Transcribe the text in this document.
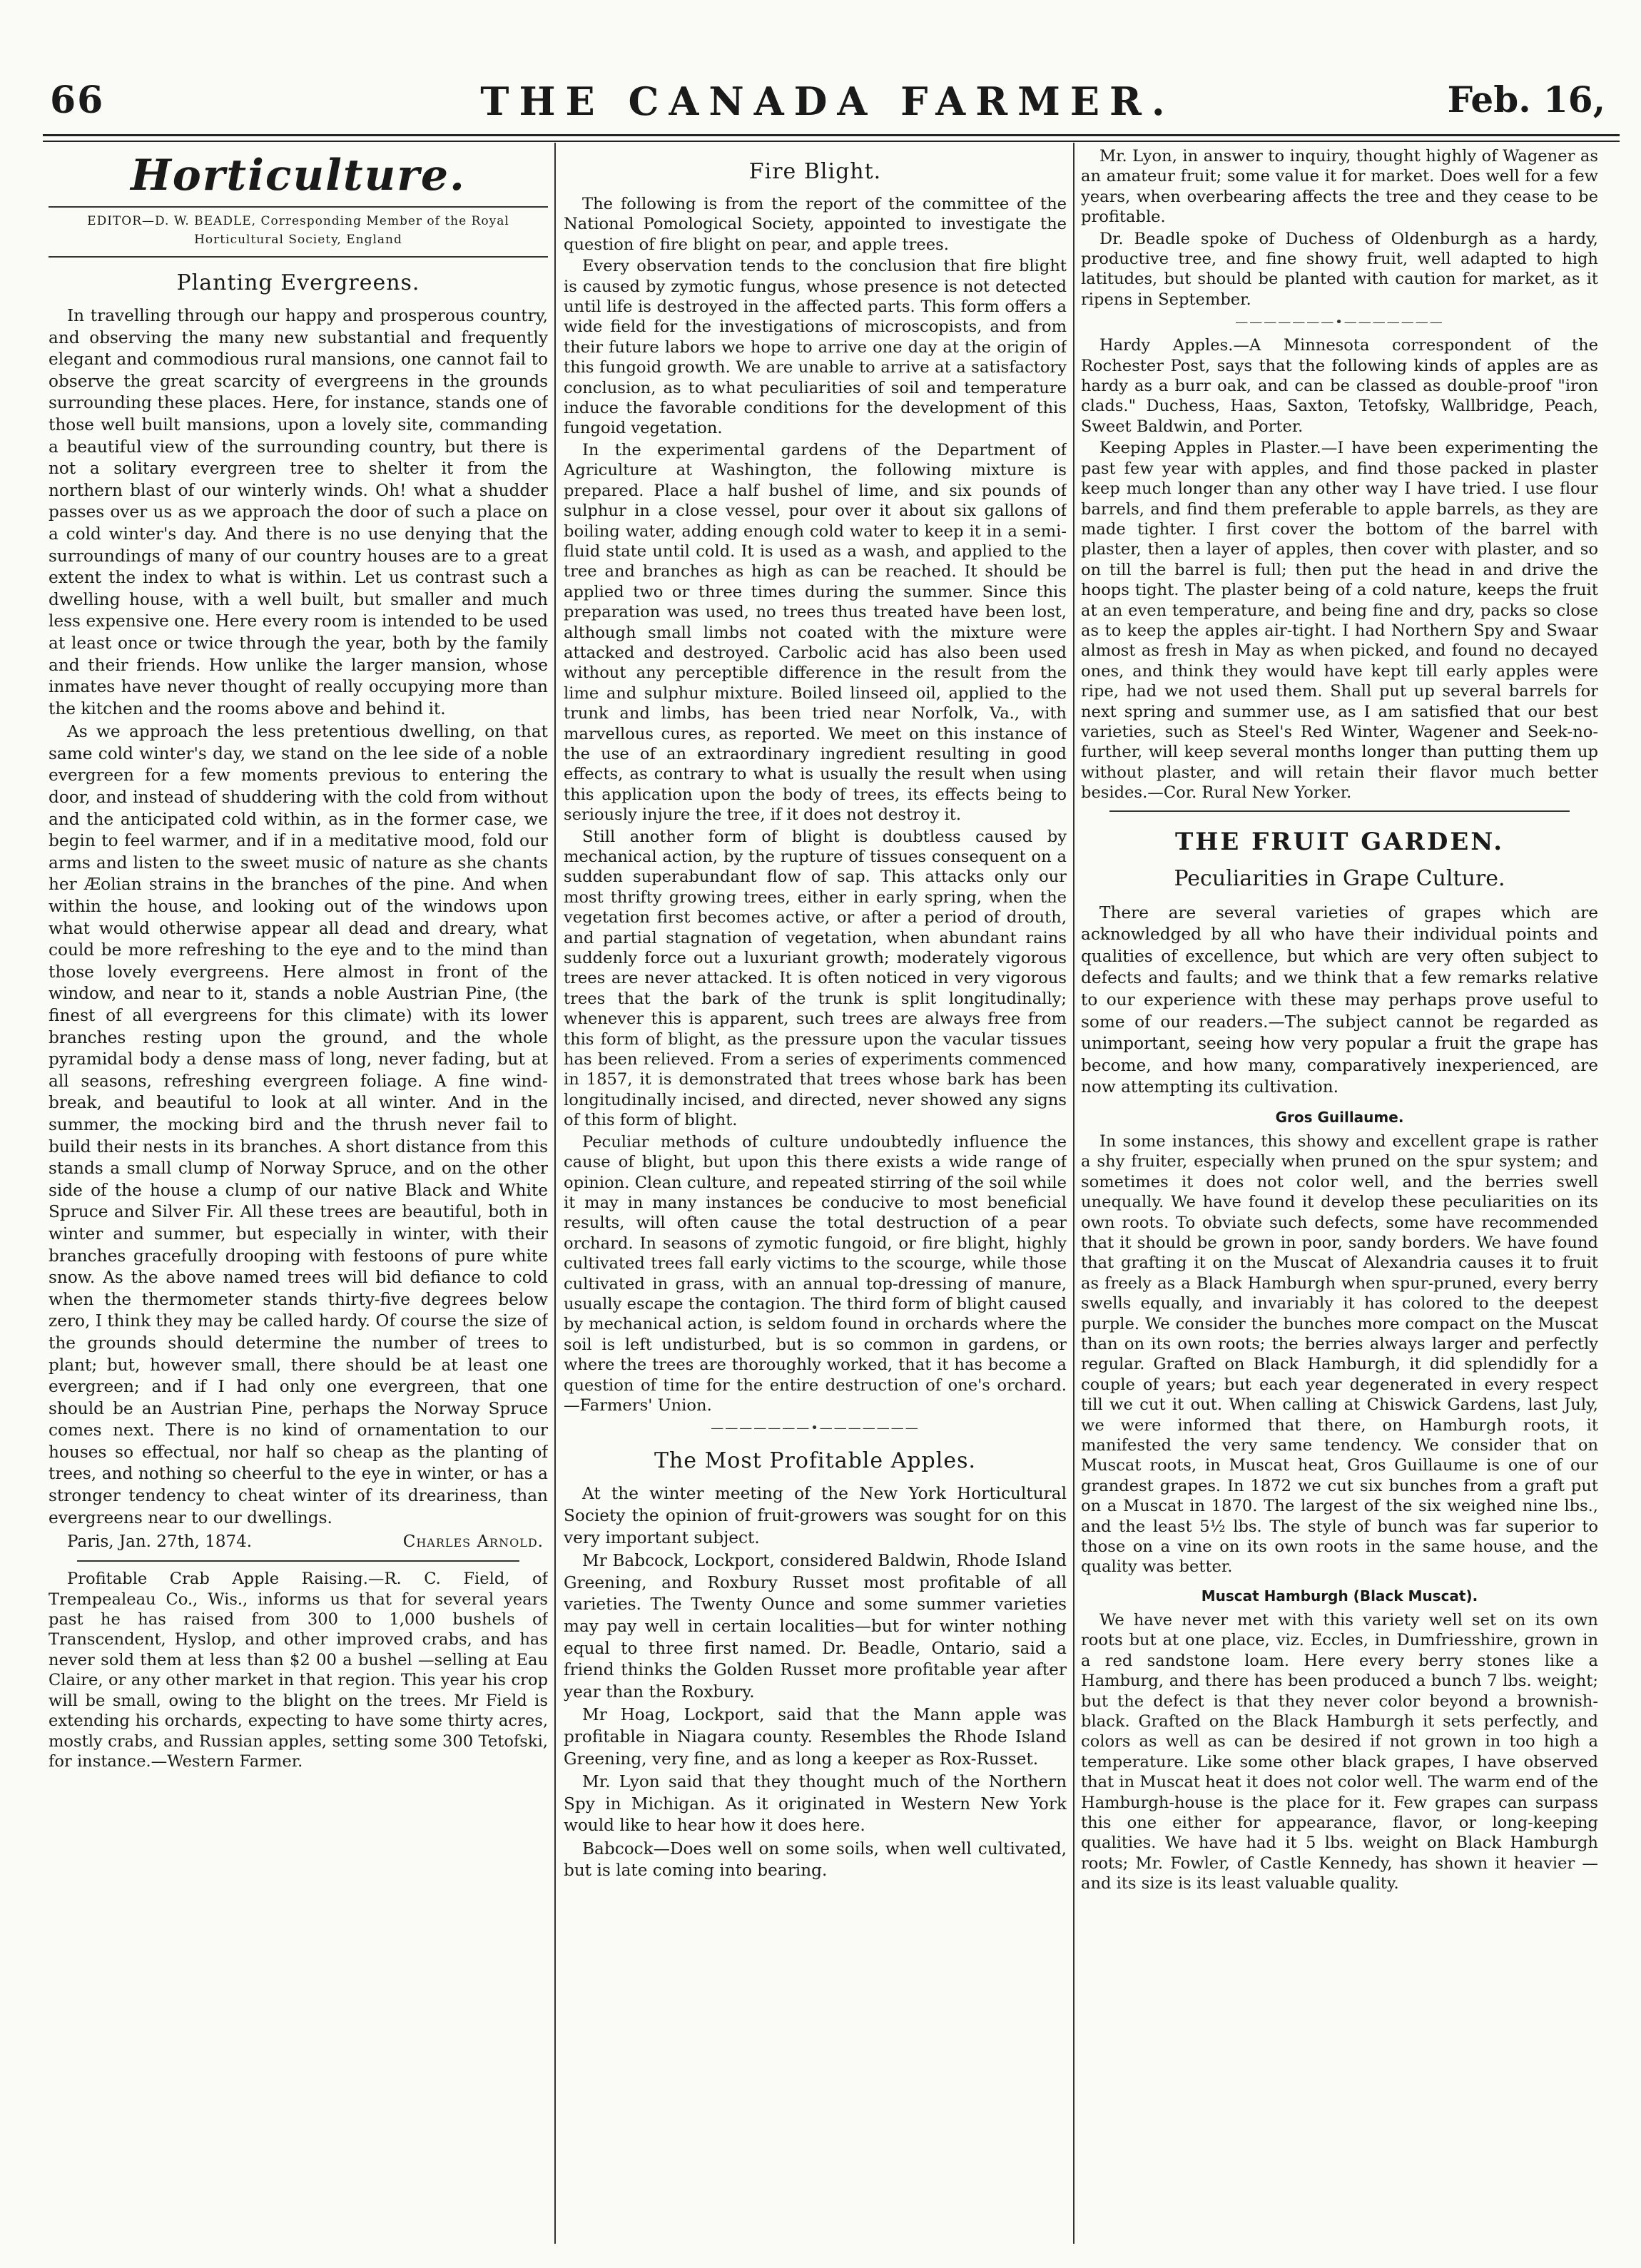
66	THE CANADA FARMER.	Feb. 16,
Horticulture.
EDITOR—D. W. BEADLE, Corresponding Member of the Royal Horticultural Society, England
Planting Evergreens.

In travelling through our happy and prosperous country, and observing the many new substantial and frequently elegant and commodious rural mansions, one cannot fail to observe the great scarcity of evergreens in the grounds surrounding these places. Here, for instance, stands one of those well built mansions, upon a lovely site, commanding a beautiful view of the surrounding country, but there is not a solitary evergreen tree to shelter it from the northern blast of our winterly winds. Oh! what a shudder passes over us as we approach the door of such a place on a cold winter's day. And there is no use denying that the surroundings of many of our country houses are to a great extent the index to what is within. Let us contrast such a dwelling house, with a well built, but smaller and much less expensive one. Here every room is intended to be used at least once or twice through the year, both by the family and their friends. How unlike the larger mansion, whose inmates have never thought of really occupying more than the kitchen and the rooms above and behind it.

As we approach the less pretentious dwelling, on that same cold winter's day, we stand on the lee side of a noble evergreen for a few moments previous to entering the door, and instead of shuddering with the cold from without and the anticipated cold within, as in the former case, we begin to feel warmer, and if in a meditative mood, fold our arms and listen to the sweet music of nature as she chants her Æolian strains in the branches of the pine. And when within the house, and looking out of the windows upon what would otherwise appear all dead and dreary, what could be more refreshing to the eye and to the mind than those lovely evergreens. Here almost in front of the window, and near to it, stands a noble Austrian Pine, (the finest of all evergreens for this climate) with its lower branches resting upon the ground, and the whole pyramidal body a dense mass of long, never fading, but at all seasons, refreshing evergreen foliage. A fine wind-break, and beautiful to look at all winter. And in the summer, the mocking bird and the thrush never fail to build their nests in its branches. A short distance from this stands a small clump of Norway Spruce, and on the other side of the house a clump of our native Black and White Spruce and Silver Fir. All these trees are beautiful, both in winter and summer, but especially in winter, with their branches gracefully drooping with festoons of pure white snow. As the above named trees will bid defiance to cold when the thermometer stands thirty-five degrees below zero, I think they may be called hardy. Of course the size of the grounds should determine the number of trees to plant; but, however small, there should be at least one evergreen; and if I had only one evergreen, that one should be an Austrian Pine, perhaps the Norway Spruce comes next. There is no kind of ornamentation to our houses so effectual, nor half so cheap as the planting of trees, and nothing so cheerful to the eye in winter, or has a stronger tendency to cheat winter of its dreariness, than evergreens near to our dwellings.

Paris, Jan. 27th, 1874.	Charles Arnold.

Profitable Crab Apple Raising.—R. C. Field, of Trempealeau Co., Wis., informs us that for several years past he has raised from 300 to 1,000 bushels of Transcendent, Hyslop, and other improved crabs, and has never sold them at less than $2 00 a bushel —selling at Eau Claire, or any other market in that region. This year his crop will be small, owing to the blight on the trees. Mr Field is extending his orchards, expecting to have some thirty acres, mostly crabs, and Russian apples, setting some 300 Tetofski, for instance.—Western Farmer.

Fire Blight.

The following is from the report of the committee of the National Pomological Society, appointed to investigate the question of fire blight on pear, and apple trees.

Every observation tends to the conclusion that fire blight is caused by zymotic fungus, whose presence is not detected until life is destroyed in the affected parts. This form offers a wide field for the investigations of microscopists, and from their future labors we hope to arrive one day at the origin of this fungoid growth. We are unable to arrive at a satisfactory conclusion, as to what peculiarities of soil and temperature induce the favorable conditions for the development of this fungoid vegetation.

In the experimental gardens of the Department of Agriculture at Washington, the following mixture is prepared. Place a half bushel of lime, and six pounds of sulphur in a close vessel, pour over it about six gallons of boiling water, adding enough cold water to keep it in a semi-fluid state until cold. It is used as a wash, and applied to the tree and branches as high as can be reached. It should be applied two or three times during the summer. Since this preparation was used, no trees thus treated have been lost, although small limbs not coated with the mixture were attacked and destroyed. Carbolic acid has also been used without any perceptible difference in the result from the lime and sulphur mixture. Boiled linseed oil, applied to the trunk and limbs, has been tried near Norfolk, Va., with marvellous cures, as reported. We meet on this instance of the use of an extraordinary ingredient resulting in good effects, as contrary to what is usually the result when using this application upon the body of trees, its effects being to seriously injure the tree, if it does not destroy it.

Still another form of blight is doubtless caused by mechanical action, by the rupture of tissues consequent on a sudden superabundant flow of sap. This attacks only our most thrifty growing trees, either in early spring, when the vegetation first becomes active, or after a period of drouth, and partial stagnation of vegetation, when abundant rains suddenly force out a luxuriant growth; moderately vigorous trees are never attacked. It is often noticed in very vigorous trees that the bark of the trunk is split longitudinally; whenever this is apparent, such trees are always free from this form of blight, as the pressure upon the vacular tissues has been relieved. From a series of experiments commenced in 1857, it is demonstrated that trees whose bark has been longitudinally incised, and directed, never showed any signs of this form of blight.

Peculiar methods of culture undoubtedly influence the cause of blight, but upon this there exists a wide range of opinion. Clean culture, and repeated stirring of the soil while it may in many instances be conducive to most beneficial results, will often cause the total destruction of a pear orchard. In seasons of zymotic fungoid, or fire blight, highly cultivated trees fall early victims to the scourge, while those cultivated in grass, with an annual top-dressing of manure, usually escape the contagion. The third form of blight caused by mechanical action, is seldom found in orchards where the soil is left undisturbed, but is so common in gardens, or where the trees are thoroughly worked, that it has become a question of time for the entire destruction of one's orchard.—Farmers' Union.

—————
The Most Profitable Apples.

At the winter meeting of the New York Horticultural Society the opinion of fruit-growers was sought for on this very important subject.

Mr Babcock, Lockport, considered Baldwin, Rhode Island Greening, and Roxbury Russet most profitable of all varieties. The Twenty Ounce and some summer varieties may pay well in certain localities—but for winter nothing equal to three first named. Dr. Beadle, Ontario, said a friend thinks the Golden Russet more profitable year after year than the Roxbury.

Mr Hoag, Lockport, said that the Mann apple was profitable in Niagara county. Resembles the Rhode Island Greening, very fine, and as long a keeper as Rox-Russet.

Mr. Lyon said that they thought much of the Northern Spy in Michigan. As it originated in Western New York would like to hear how it does here.

Babcock—Does well on some soils, when well cultivated, but is late coming into bearing.

Mr. Lyon, in answer to inquiry, thought highly of Wagener as an amateur fruit; some value it for market. Does well for a few years, when overbearing affects the tree and they cease to be profitable.

Dr. Beadle spoke of Duchess of Oldenburgh as a hardy, productive tree, and fine showy fruit, well adapted to high latitudes, but should be planted with caution for market, as it ripens in September.

—————

Hardy Apples.—A Minnesota correspondent of the Rochester Post, says that the following kinds of apples are as hardy as a burr oak, and can be classed as double-proof "iron clads." Duchess, Haas, Saxton, Tetofsky, Wallbridge, Peach, Sweet Baldwin, and Porter.

Keeping Apples in Plaster.—I have been experimenting the past few year with apples, and find those packed in plaster keep much longer than any other way I have tried. I use flour barrels, and find them preferable to apple barrels, as they are made tighter. I first cover the bottom of the barrel with plaster, then a layer of apples, then cover with plaster, and so on till the barrel is full; then put the head in and drive the hoops tight. The plaster being of a cold nature, keeps the fruit at an even temperature, and being fine and dry, packs so close as to keep the apples air-tight. I had Northern Spy and Swaar almost as fresh in May as when picked, and found no decayed ones, and think they would have kept till early apples were ripe, had we not used them. Shall put up several barrels for next spring and summer use, as I am satisfied that our best varieties, such as Steel's Red Winter, Wagener and Seek-no-further, will keep several months longer than putting them up without plaster, and will retain their flavor much better besides.—Cor. Rural New Yorker.

THE FRUIT GARDEN.
Peculiarities in Grape Culture.

There are several varieties of grapes which are acknowledged by all who have their individual points and qualities of excellence, but which are very often subject to defects and faults; and we think that a few remarks relative to our experience with these may perhaps prove useful to some of our readers.—The subject cannot be regarded as unimportant, seeing how very popular a fruit the grape has become, and how many, comparatively inexperienced, are now attempting its cultivation.

Gros Guillaume.

In some instances, this showy and excellent grape is rather a shy fruiter, especially when pruned on the spur system; and sometimes it does not color well, and the berries swell unequally. We have found it develop these peculiarities on its own roots. To obviate such defects, some have recommended that it should be grown in poor, sandy borders. We have found that grafting it on the Muscat of Alexandria causes it to fruit as freely as a Black Hamburgh when spur-pruned, every berry swells equally, and invariably it has colored to the deepest purple. We consider the bunches more compact on the Muscat than on its own roots; the berries always larger and perfectly regular. Grafted on Black Hamburgh, it did splendidly for a couple of years; but each year degenerated in every respect till we cut it out. When calling at Chiswick Gardens, last July, we were informed that there, on Hamburgh roots, it manifested the very same tendency. We consider that on Muscat roots, in Muscat heat, Gros Guillaume is one of our grandest grapes. In 1872 we cut six bunches from a graft put on a Muscat in 1870. The largest of the six weighed nine lbs., and the least 5½ lbs. The style of bunch was far superior to those on a vine on its own roots in the same house, and the quality was better.

Muscat Hamburgh (Black Muscat).

We have never met with this variety well set on its own roots but at one place, viz. Eccles, in Dumfriesshire, grown in a red sandstone loam. Here every berry stones like a Hamburg, and there has been produced a bunch 7 lbs. weight; but the defect is that they never color beyond a brownish-black. Grafted on the Black Hamburgh it sets perfectly, and colors as well as can be desired if not grown in too high a temperature. Like some other black grapes, I have observed that in Muscat heat it does not color well. The warm end of the Hamburgh-house is the place for it. Few grapes can surpass this one either for appearance, flavor, or long-keeping qualities. We have had it 5 lbs. weight on Black Hamburgh roots; Mr. Fowler, of Castle Kennedy, has shown it heavier —and its size is its least valuable quality.
